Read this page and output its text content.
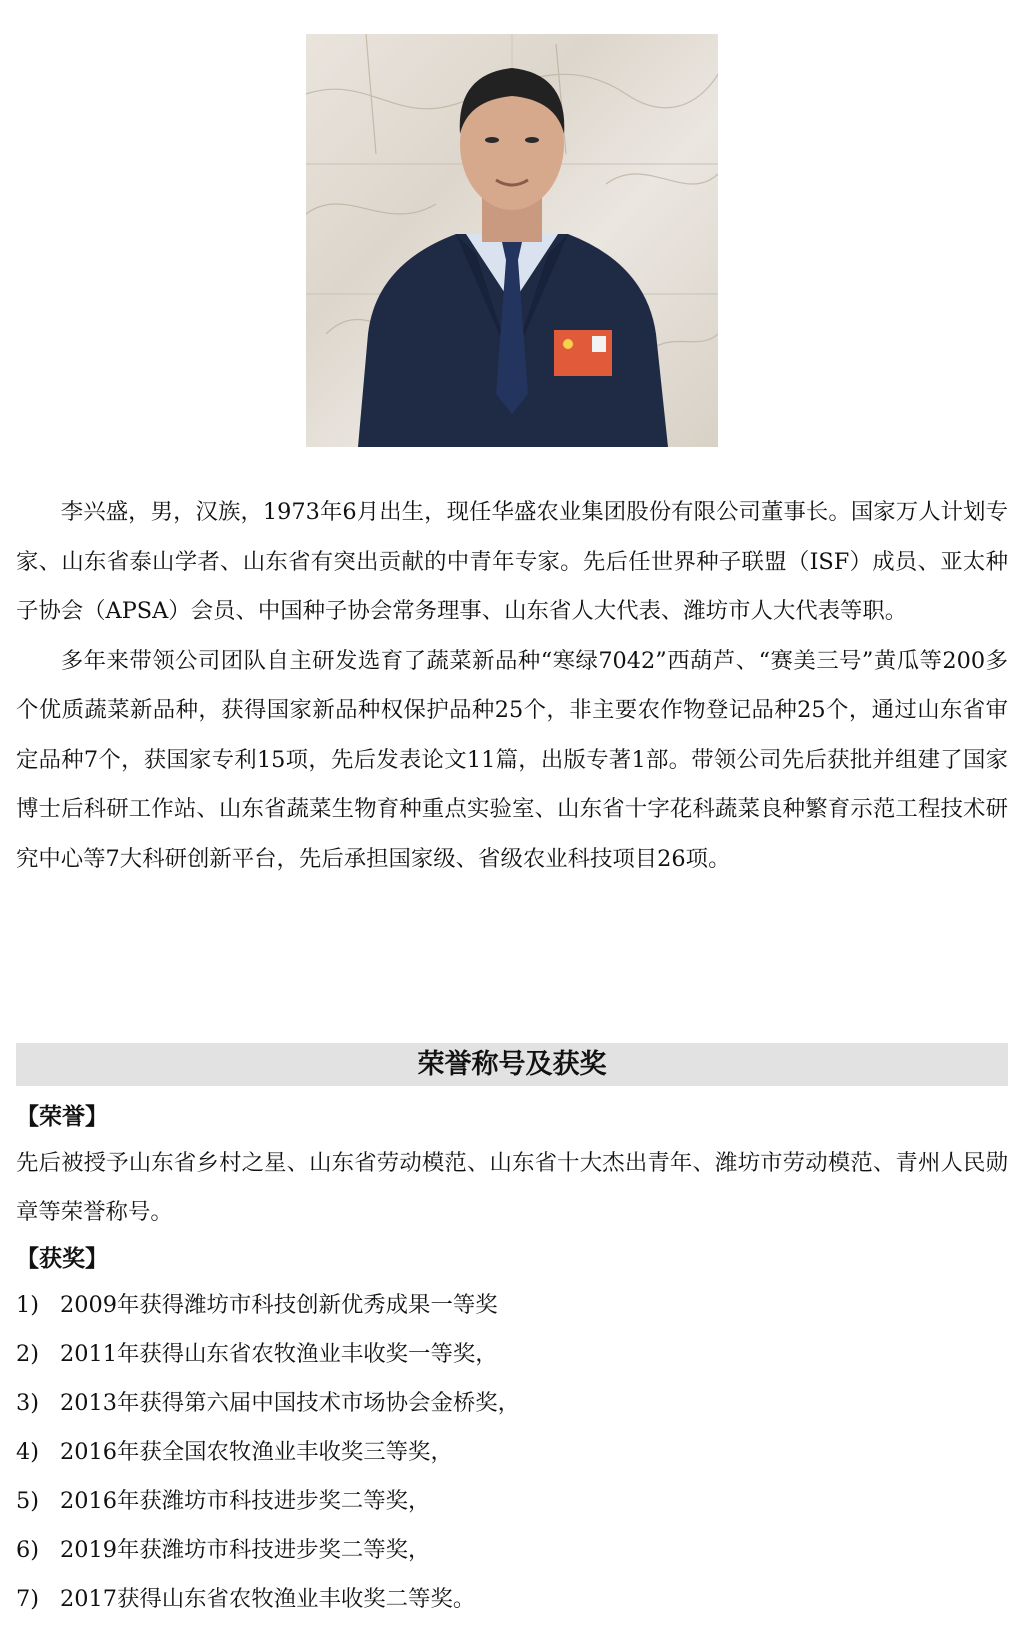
李兴盛，男，汉族，1973年6月出生，现任华盛农业集团股份有限公司董事长。国家万人计划专家、山东省泰山学者、山东省有突出贡献的中青年专家。先后任世界种子联盟（ISF）成员、亚太种子协会（APSA）会员、中国种子协会常务理事、山东省人大代表、潍坊市人大代表等职。

多年来带领公司团队自主研发选育了蔬菜新品种“寒绿7042”西葫芦、“赛美三号”黄瓜等200多个优质蔬菜新品种，获得国家新品种权保护品种25个，非主要农作物登记品种25个，通过山东省审定品种7个，获国家专利15项，先后发表论文11篇，出版专著1部。带领公司先后获批并组建了国家博士后科研工作站、山东省蔬菜生物育种重点实验室、山东省十字花科蔬菜良种繁育示范工程技术研究中心等7大科研创新平台，先后承担国家级、省级农业科技项目26项。

荣誉称号及获奖
【荣誉】

先后被授予山东省乡村之星、山东省劳动模范、山东省十大杰出青年、潍坊市劳动模范、青州人民勋章等荣誉称号。

【获奖】
1) 2009年获得潍坊市科技创新优秀成果一等奖
2) 2011年获得山东省农牧渔业丰收奖一等奖，
3) 2013年获得第六届中国技术市场协会金桥奖，
4) 2016年获全国农牧渔业丰收奖三等奖，
5) 2016年获潍坊市科技进步奖二等奖，
6) 2019年获潍坊市科技进步奖二等奖，
7) 2017获得山东省农牧渔业丰收奖二等奖。
